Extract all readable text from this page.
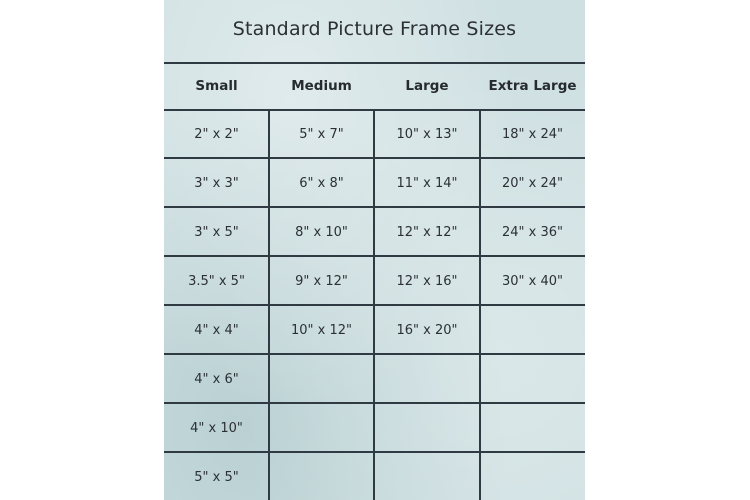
Standard Picture Frame Sizes
Small	Medium	Large	Extra Large
2" x 2"	5" x 7"	10" x 13"	18" x 24"
3" x 3"	6" x 8"	11" x 14"	20" x 24"
3" x 5"	8" x 10"	12" x 12"	24" x 36"
3.5" x 5"	9" x 12"	12" x 16"	30" x 40"
4" x 4"	10" x 12"	16" x 20"
4" x 6"
4" x 10"
5" x 5"
